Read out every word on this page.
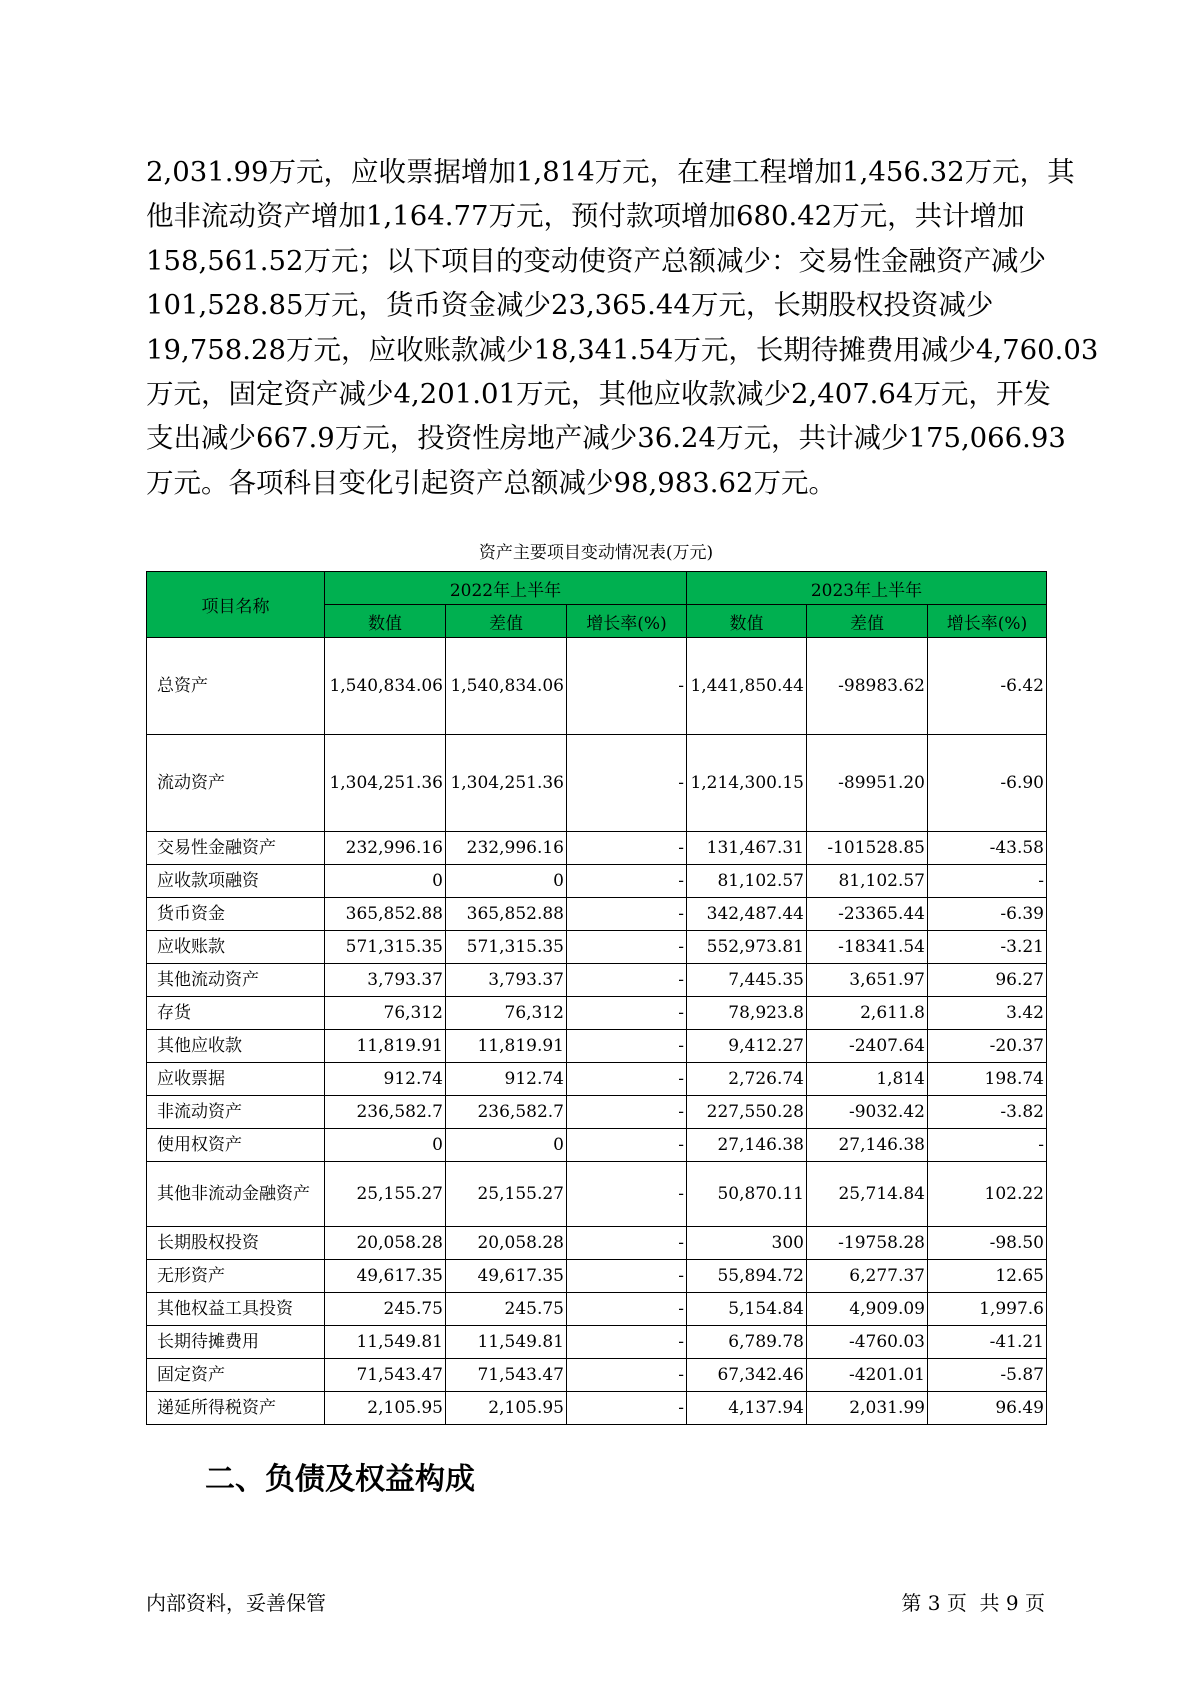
2,031.99万元，应收票据增加1,814万元，在建工程增加1,456.32万元，其
他非流动资产增加1,164.77万元，预付款项增加680.42万元，共计增加
158,561.52万元；以下项目的变动使资产总额减少：交易性金融资产减少
101,528.85万元，货币资金减少23,365.44万元，长期股权投资减少
19,758.28万元，应收账款减少18,341.54万元，长期待摊费用减少4,760.03
万元，固定资产减少4,201.01万元，其他应收款减少2,407.64万元，开发
支出减少667.9万元，投资性房地产减少36.24万元，共计减少175,066.93
万元。各项科目变化引起资产总额减少98,983.62万元。
资产主要项目变动情况表(万元)
项目名称	2022年上半年			2023年上半年		
	数值	差值	增长率(%)	数值	差值	增长率(%)
总资产	1,540,834.06	1,540,834.06	-	1,441,850.44	-98983.62	-6.42
流动资产	1,304,251.36	1,304,251.36	-	1,214,300.15	-89951.20	-6.90
交易性金融资产	232,996.16	232,996.16	-	131,467.31	-101528.85	-43.58
应收款项融资	0	0	-	81,102.57	81,102.57	-
货币资金	365,852.88	365,852.88	-	342,487.44	-23365.44	-6.39
应收账款	571,315.35	571,315.35	-	552,973.81	-18341.54	-3.21
其他流动资产	3,793.37	3,793.37	-	7,445.35	3,651.97	96.27
存货	76,312	76,312	-	78,923.8	2,611.8	3.42
其他应收款	11,819.91	11,819.91	-	9,412.27	-2407.64	-20.37
应收票据	912.74	912.74	-	2,726.74	1,814	198.74
非流动资产	236,582.7	236,582.7	-	227,550.28	-9032.42	-3.82
使用权资产	0	0	-	27,146.38	27,146.38	-
其他非流动金融资产	25,155.27	25,155.27	-	50,870.11	25,714.84	102.22
长期股权投资	20,058.28	20,058.28	-	300	-19758.28	-98.50
无形资产	49,617.35	49,617.35	-	55,894.72	6,277.37	12.65
其他权益工具投资	245.75	245.75	-	5,154.84	4,909.09	1,997.6
长期待摊费用	11,549.81	11,549.81	-	6,789.78	-4760.03	-41.21
固定资产	71,543.47	71,543.47	-	67,342.46	-4201.01	-5.87
递延所得税资产	2,105.95	2,105.95	-	4,137.94	2,031.99	96.49
二、负债及权益构成
内部资料，妥善保管	第 3 页 共 9 页
